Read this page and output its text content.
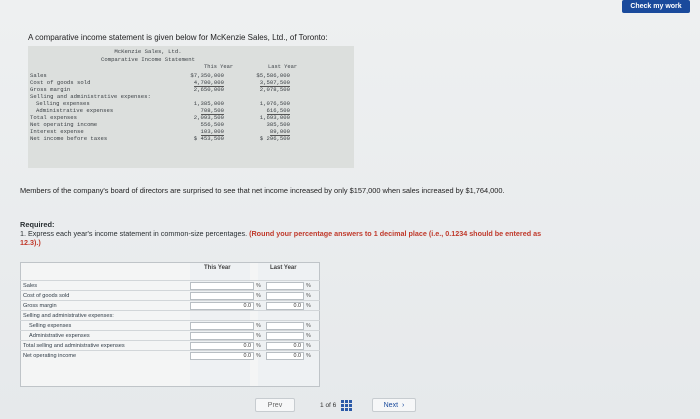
Check my work
A comparative income statement is given below for McKenzie Sales, Ltd., of Toronto:
McKenzie Sales, Ltd.
Comparative Income Statement
This Year	Last Year
Sales	$7,350,000	$5,586,000
Cost of goods sold	4,700,000	3,507,500
Gross margin	2,650,000	2,078,500
Selling and administrative expenses:
Selling expenses	1,385,000	1,076,500
Administrative expenses	708,500	616,500
Total expenses	2,093,500	1,693,000
Net operating income	556,500	385,500
Interest expense	103,000	89,000
Net income before taxes	$ 453,500	$ 296,500
Members of the company's board of directors are surprised to see that net income increased by only $157,000 when sales increased by $1,764,000.
Required:
1. Express each year's income statement in common-size percentages. (Round your percentage answers to 1 decimal place (i.e., 0.1234 should be entered as 12.3).)
This Year	Last Year
Sales	%	%
Cost of goods sold	%	%
Gross margin	0.0 %	0.0 %
Selling and administrative expenses:
Selling expenses	%	%
Administrative expenses	%	%
Total selling and administrative expenses	0.0 %	0.0 %
Net operating income	0.0 %	0.0 %
Prev	1 of 6	Next ›
